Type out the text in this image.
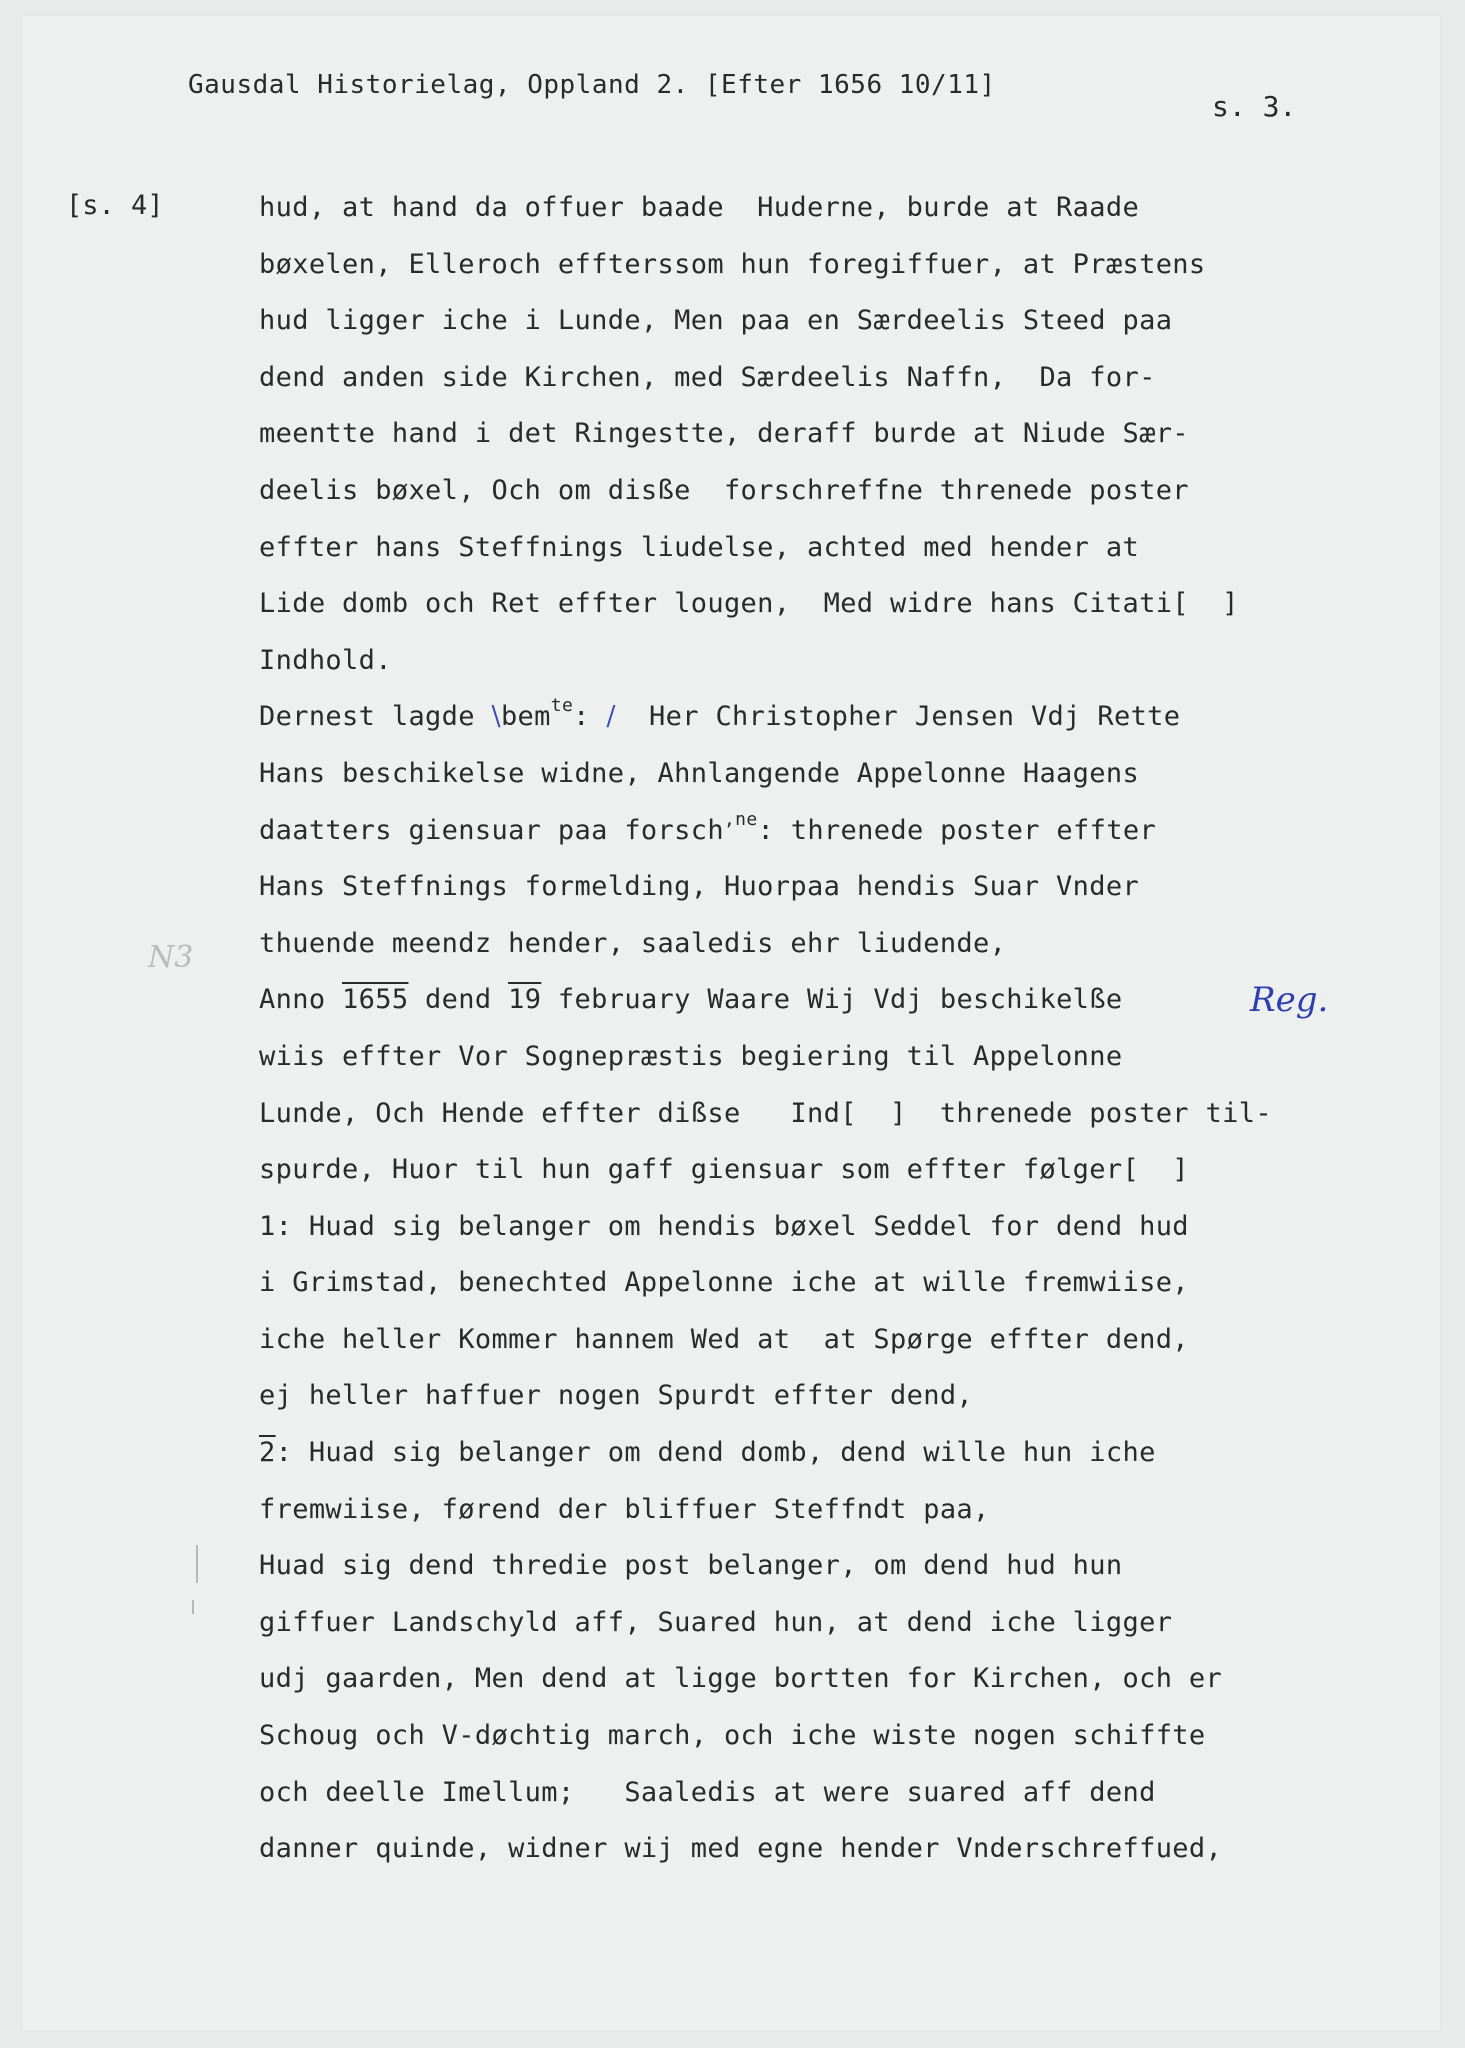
Gausdal Historielag, Oppland 2. [Efter 1656 10/11]
s. 3.
[s. 4]
N3
Reg.
hud, at hand da offuer baade  Huderne, burde at Raade
bøxelen, Elleroch effterssom hun foregiffuer, at Præstens
hud ligger iche i Lunde, Men paa en Særdeelis Steed paa
dend anden side Kirchen, med Særdeelis Naffn,  Da for-
meentte hand i det Ringestte, deraff burde at Niude Sær-
deelis bøxel, Och om disße  forschreffne threnede poster
effter hans Steffnings liudelse, achted med hender at
Lide domb och Ret effter lougen,  Med widre hans Citati[  ]
Indhold.
Dernest lagde \bem$^{te}$: /  Her Christopher Jensen Vdj Rette
Hans beschikelse widne, Ahnlangende Appelonne Haagens
daatters giensuar paa forsch$^{,ne}$: threnede poster effter
Hans Steffnings formelding, Huorpaa hendis Suar Vnder
thuende meendz hender, saaledis ehr liudende,
Anno 1655 dend 19 february Waare Wij Vdj beschikelße
wiis effter Vor Sognepræstis begiering til Appelonne
Lunde, Och Hende effter dißse   Ind[  ]  threnede poster til-
spurde, Huor til hun gaff giensuar som effter følger[  ]
1: Huad sig belanger om hendis bøxel Seddel for dend hud
i Grimstad, benechted Appelonne iche at wille fremwiise,
iche heller Kommer hannem Wed at  at Spørge effter dend,
ej heller haffuer nogen Spurdt effter dend,
2: Huad sig belanger om dend domb, dend wille hun iche
fremwiise, førend der bliffuer Steffndt paa,
Huad sig dend thredie post belanger, om dend hud hun
giffuer Landschyld aff, Suared hun, at dend iche ligger
udj gaarden, Men dend at ligge bortten for Kirchen, och er
Schoug och V-døchtig march, och iche wiste nogen schiffte
och deelle Imellum;   Saaledis at were suared aff dend
danner quinde, widner wij med egne hender Vnderschreffued,
